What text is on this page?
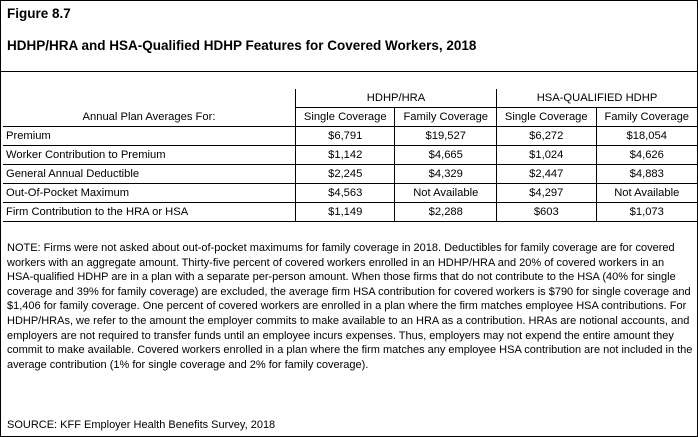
Figure 8.7
HDHP/HRA and HSA-Qualified HDHP Features for Covered Workers, 2018
	HDHP/HRA		HSA-QUALIFIED HDHP	
Annual Plan Averages For:	Single Coverage	Family Coverage	Single Coverage	Family Coverage
Premium	$6,791	$19,527	$6,272	$18,054
Worker Contribution to Premium	$1,142	$4,665	$1,024	$4,626
General Annual Deductible	$2,245	$4,329	$2,447	$4,883
Out-Of-Pocket Maximum	$4,563	Not Available	$4,297	Not Available
Firm Contribution to the HRA or HSA	$1,149	$2,288	$603	$1,073
NOTE: Firms were not asked about out-of-pocket maximums for family coverage in 2018. Deductibles for family coverage are for covered workers with an aggregate amount. Thirty-five percent of covered workers enrolled in an HDHP/HRA and 20% of covered workers in an HSA-qualified HDHP are in a plan with a separate per-person amount. When those firms that do not contribute to the HSA (40% for single coverage and 39% for family coverage) are excluded, the average firm HSA contribution for covered workers is $790 for single coverage and $1,406 for family coverage. One percent of covered workers are enrolled in a plan where the firm matches employee HSA contributions. For HDHP/HRAs, we refer to the amount the employer commits to make available to an HRA as a contribution. HRAs are notional accounts, and employers are not required to transfer funds until an employee incurs expenses. Thus, employers may not expend the entire amount they commit to make available. Covered workers enrolled in a plan where the firm matches any employee HSA contribution are not included in the average contribution (1% for single coverage and 2% for family coverage).
SOURCE: KFF Employer Health Benefits Survey, 2018
